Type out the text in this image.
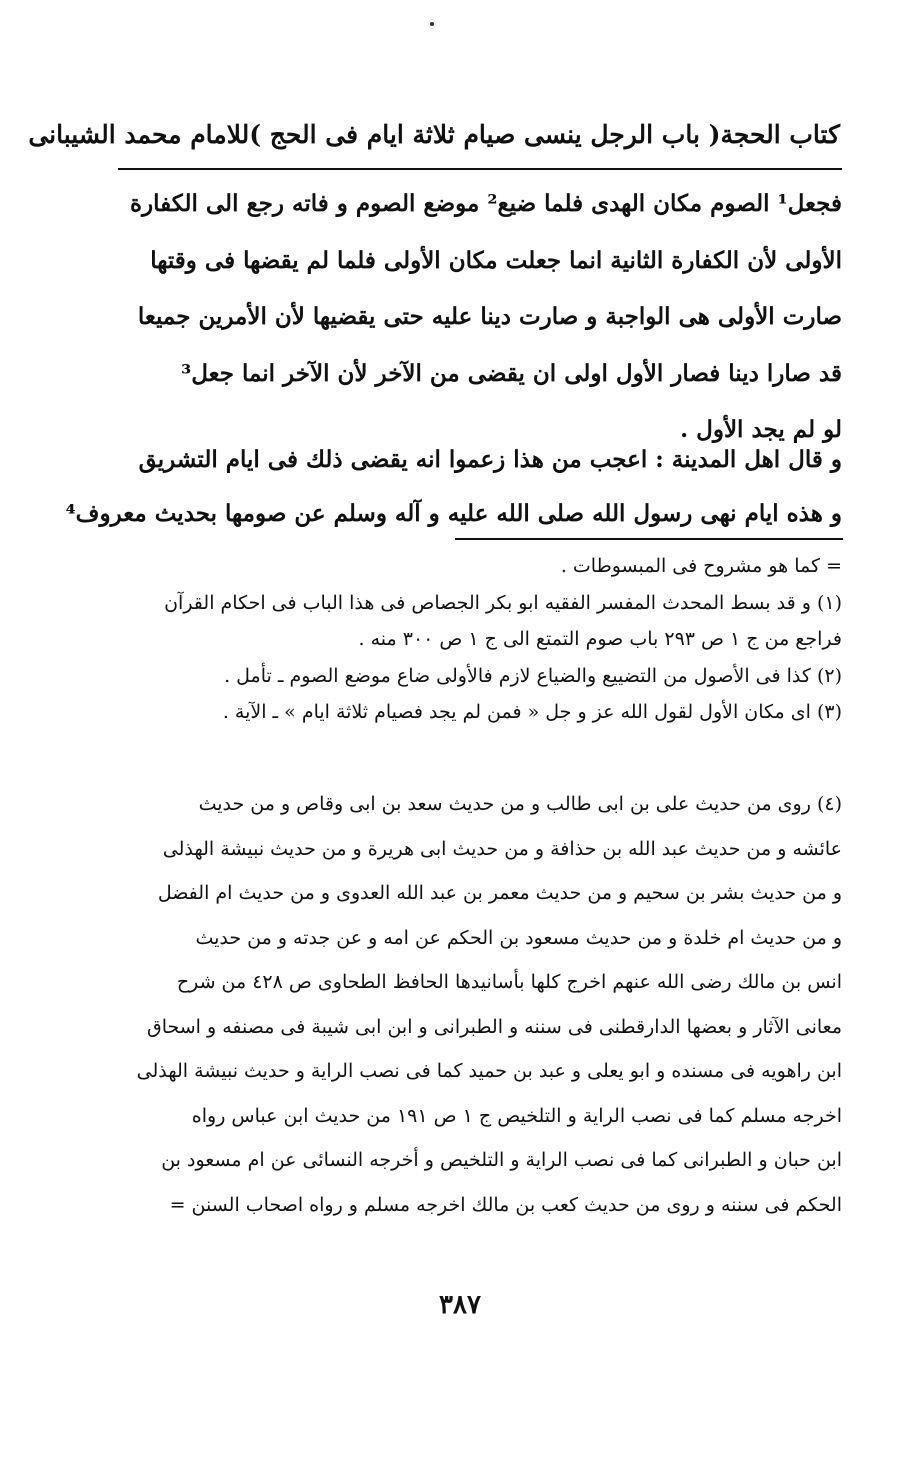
كتاب الحجة
( باب الرجل ينسى صيام ثلاثة ايام فى الحج )
للامام محمد الشيبانى

فجعل¹ الصوم مكان الهدى فلما ضيع² موضع الصوم و فاته رجع الى الكفارة

الأولى لأن الكفارة الثانية انما جعلت مكان الأولى فلما لم يقضها فى وقتها

صارت الأولى هى الواجبة و صارت دينا عليه حتى يقضيها لأن الأمرين جميعا

قد صارا دينا فصار الأول اولى ان يقضى من الآخر لأن الآخر انما جعل³

لو لم يجد الأول .

و قال اهل المدينة : اعجب من هذا زعموا انه يقضى ذلك فى ايام التشريق

و هذه ايام نهى رسول الله صلى الله عليه و آله وسلم عن صومها بحديث معروف⁴

= كما هو مشروح فى المبسوطات .

(١) و قد بسط المحدث المفسر الفقيه ابو بكر الجصاص فى هذا الباب فى احكام القرآن

فراجع من ج ١ ص ٢٩٣ باب صوم التمتع الى ج ١ ص ٣٠٠ منه .

(٢) كذا فى الأصول من التضييع والضياع لازم فالأولى ضاع موضع الصوم ـ تأمل .

(٣) اى مكان الأول لقول الله عز و جل « فمن لم يجد فصيام ثلاثة ايام » ـ الآية .

(٤) روى من حديث على بن ابى طالب و من حديث سعد بن ابى وقاص و من حديث

عائشه و من حديث عبد الله بن حذافة و من حديث ابى هريرة و من حديث نبيشة الهذلى

و من حديث بشر بن سحيم و من حديث معمر بن عبد الله العدوى و من حديث ام الفضل

و من حديث ام خلدة و من حديث مسعود بن الحكم عن امه و عن جدته و من حديث

انس بن مالك رضى الله عنهم اخرج كلها بأسانيدها الحافظ الطحاوى ص ٤٢٨ من شرح

معانى الآثار و بعضها الدارقطنى فى سننه و الطبرانى و ابن ابى شيبة فى مصنفه و اسحاق

ابن راهويه فى مسنده و ابو يعلى و عبد بن حميد كما فى نصب الراية و حديث نبيشة الهذلى

اخرجه مسلم كما فى نصب الراية و التلخيص ج ١ ص ١٩١ من حديث ابن عباس رواه

ابن حبان و الطبرانى كما فى نصب الراية و التلخيص و أخرجه النسائى عن ام مسعود بن

الحكم فى سننه و روى من حديث كعب بن مالك اخرجه مسلم و رواه اصحاب السنن =

٣٨٧
